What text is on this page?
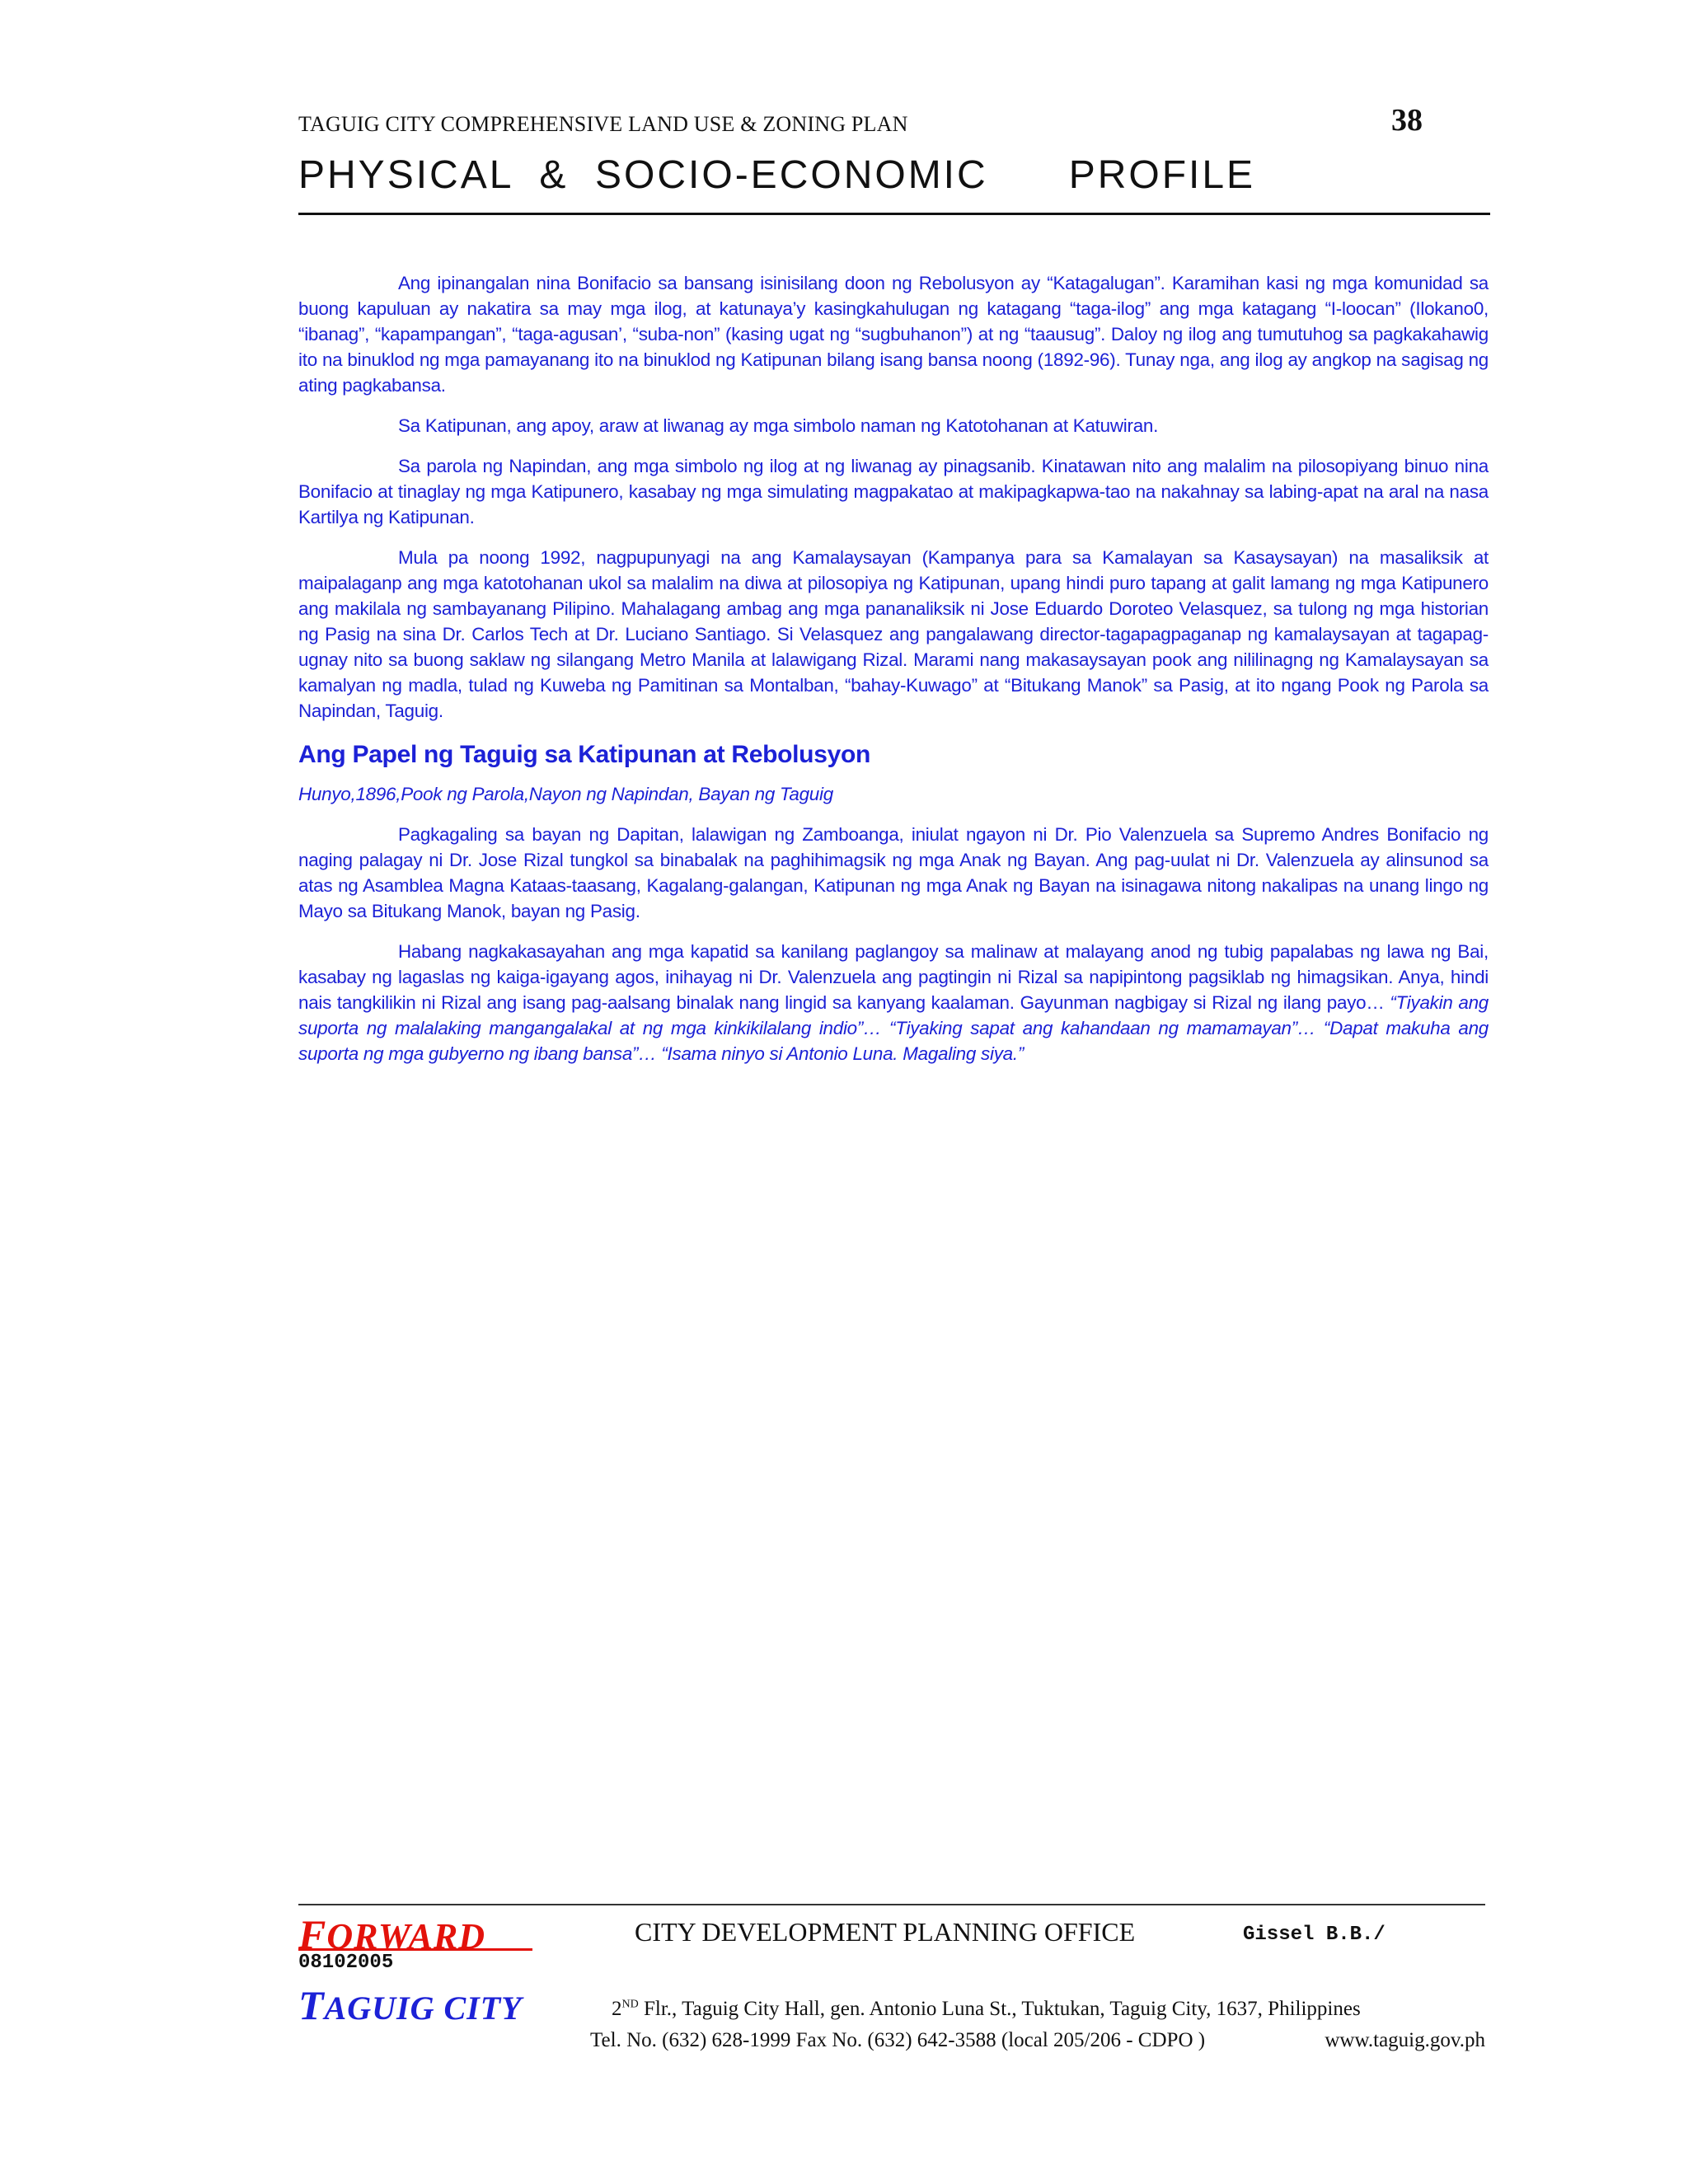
TAGUIG CITY COMPREHENSIVE LAND USE & ZONING PLAN	38
PHYSICAL  &  SOCIO-ECONOMIC      PROFILE

Ang ipinangalan nina Bonifacio sa bansang isinisilang doon ng Rebolusyon ay “Katagalugan”. Karamihan kasi ng mga komunidad sa buong kapuluan ay nakatira sa may mga ilog, at katunaya’y kasingkahulugan ng katagang “taga-ilog” ang mga katagang “I-loocan” (Ilokano0, “ibanag”, “kapampangan”, “taga-agusan’, “suba-non” (kasing ugat ng “sugbuhanon”) at ng “taausug”. Daloy ng ilog ang tumutuhog sa pagkakahawig ito na binuklod ng mga pamayanang ito na binuklod ng Katipunan bilang isang bansa noong (1892-96). Tunay nga, ang ilog ay angkop na sagisag ng ating pagkabansa.

Sa Katipunan, ang apoy, araw at liwanag ay mga simbolo naman ng Katotohanan at Katuwiran.

Sa parola ng Napindan, ang mga simbolo ng ilog at ng liwanag ay pinagsanib. Kinatawan nito ang malalim na pilosopiyang binuo nina Bonifacio at tinaglay ng mga Katipunero, kasabay ng mga simulating magpakatao at makipagkapwa-tao na nakahnay sa labing-apat na aral na nasa Kartilya ng Katipunan.

Mula pa noong 1992, nagpupunyagi na ang Kamalaysayan (Kampanya para sa Kamalayan sa Kasaysayan) na masaliksik at maipalaganp ang mga katotohanan ukol sa malalim na diwa at pilosopiya ng Katipunan, upang hindi puro tapang at galit lamang ng mga Katipunero ang makilala ng sambayanang Pilipino. Mahalagang ambag ang mga pananaliksik ni Jose Eduardo Doroteo Velasquez, sa tulong ng mga historian ng Pasig na sina Dr. Carlos Tech at Dr. Luciano Santiago. Si Velasquez ang pangalawang director-tagapagpaganap ng kamalaysayan at tagapag-ugnay nito sa buong saklaw ng silangang Metro Manila at lalawigang Rizal. Marami nang makasaysayan pook ang nililinagng ng Kamalaysayan sa kamalyan ng madla, tulad ng Kuweba ng Pamitinan sa Montalban, “bahay-Kuwago” at “Bitukang Manok” sa Pasig, at ito ngang Pook ng Parola sa Napindan, Taguig.

Ang Papel ng Taguig sa Katipunan at Rebolusyon

Hunyo,1896,Pook ng Parola,Nayon ng Napindan, Bayan ng Taguig

Pagkagaling sa bayan ng Dapitan, lalawigan ng Zamboanga, iniulat ngayon ni Dr. Pio Valenzuela sa Supremo Andres Bonifacio ng naging palagay ni Dr. Jose Rizal tungkol sa binabalak na paghihimagsik ng mga Anak ng Bayan. Ang pag-uulat ni Dr. Valenzuela ay alinsunod sa atas ng Asamblea Magna Kataas-taasang, Kagalang-galangan, Katipunan ng mga Anak ng Bayan na isinagawa nitong nakalipas na unang lingo ng Mayo sa Bitukang Manok, bayan ng Pasig.

Habang nagkakasayahan ang mga kapatid sa kanilang paglangoy sa malinaw at malayang anod ng tubig papalabas ng lawa ng Bai, kasabay ng lagaslas ng kaiga-igayang agos, inihayag ni Dr. Valenzuela ang pagtingin ni Rizal sa napipintong pagsiklab ng himagsikan. Anya, hindi nais tangkilikin ni Rizal ang isang pag-aalsang binalak nang lingid sa kanyang kaalaman. Gayunman nagbigay si Rizal ng ilang payo… “Tiyakin ang suporta ng malalaking mangangalakal at ng mga kinkikilalang indio”… “Tiyaking sapat ang kahandaan ng mamamayan”… “Dapat makuha ang suporta ng mga gubyerno ng ibang bansa”… “Isama ninyo si Antonio Luna. Magaling siya.”

FORWARD
08102005
TAGUIG CITY
CITY DEVELOPMENT PLANNING OFFICE	Gissel B.B./
2ND Flr., Taguig City Hall, gen. Antonio Luna St., Tuktukan, Taguig City, 1637, Philippines
Tel. No. (632) 628-1999 Fax No. (632) 642-3588 (local 205/206 - CDPO )	www.taguig.gov.ph
